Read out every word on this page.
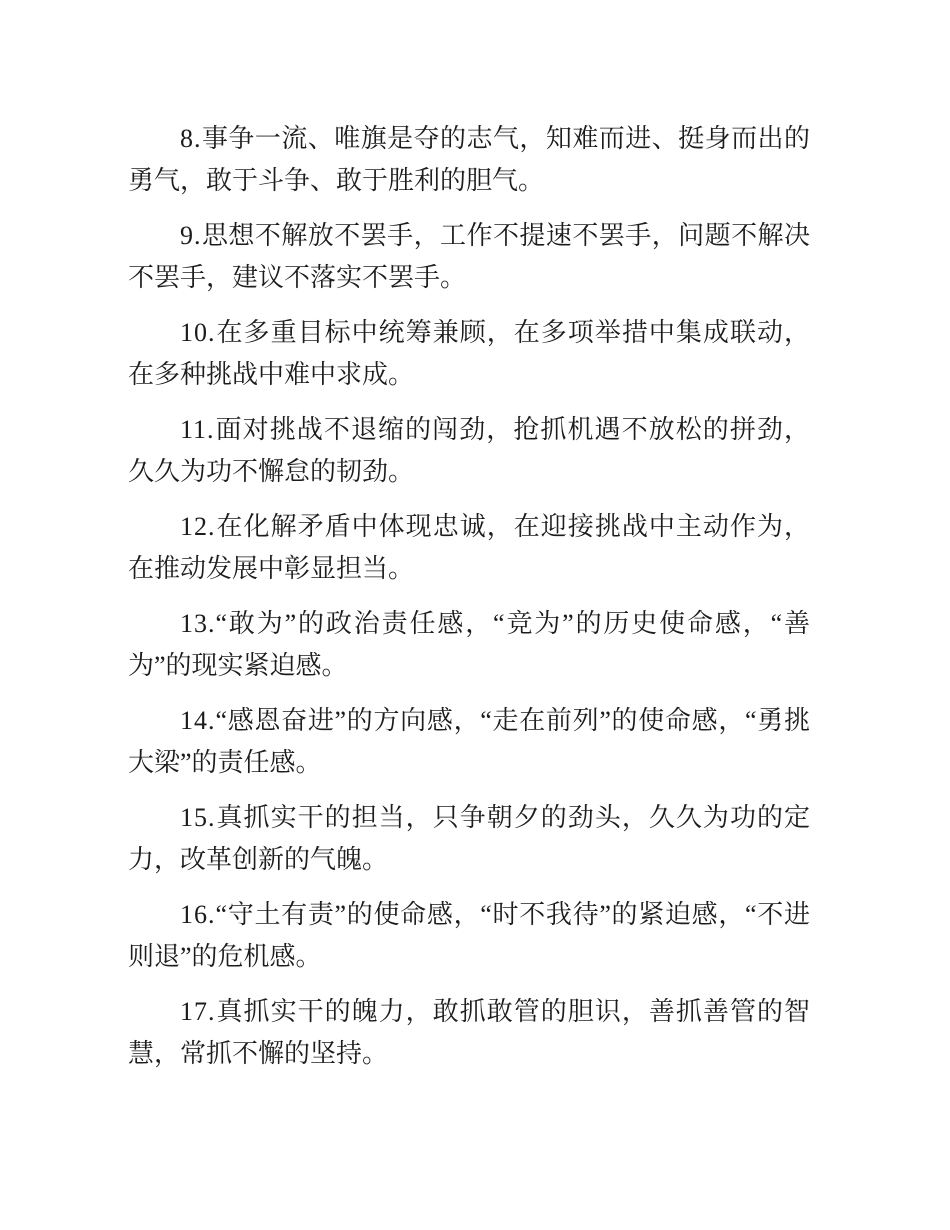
8.事争一流、唯旗是夺的志气，知难而进、挺身而出的勇气，敢于斗争、敢于胜利的胆气。

9.思想不解放不罢手，工作不提速不罢手，问题不解决不罢手，建议不落实不罢手。

10.在多重目标中统筹兼顾，在多项举措中集成联动，在多种挑战中难中求成。

11.面对挑战不退缩的闯劲，抢抓机遇不放松的拼劲，久久为功不懈怠的韧劲。

12.在化解矛盾中体现忠诚，在迎接挑战中主动作为，在推动发展中彰显担当。

13.“敢为”的政治责任感，“竞为”的历史使命感，“善为”的现实紧迫感。

14.“感恩奋进”的方向感，“走在前列”的使命感，“勇挑大梁”的责任感。

15.真抓实干的担当，只争朝夕的劲头，久久为功的定力，改革创新的气魄。

16.“守土有责”的使命感，“时不我待”的紧迫感，“不进则退”的危机感。

17.真抓实干的魄力，敢抓敢管的胆识，善抓善管的智慧，常抓不懈的坚持。
